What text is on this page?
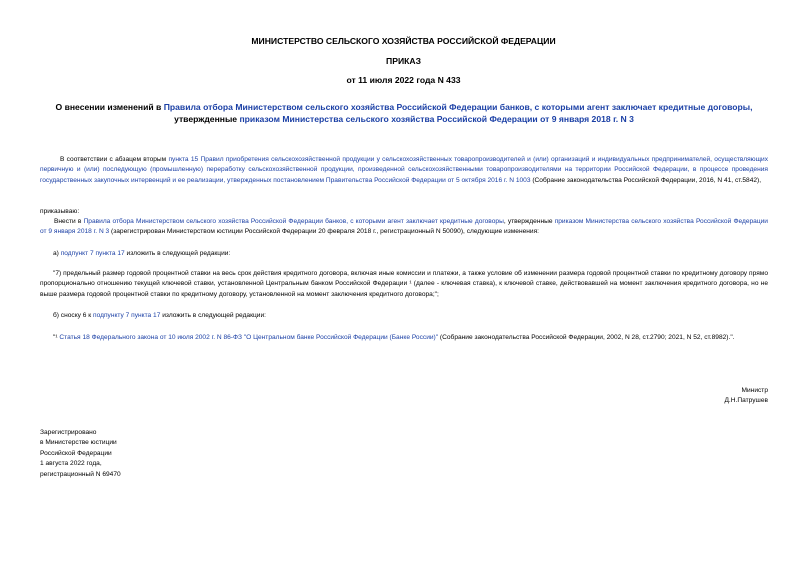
МИНИСТЕРСТВО СЕЛЬСКОГО ХОЗЯЙСТВА РОССИЙСКОЙ ФЕДЕРАЦИИ
ПРИКАЗ
от 11 июля 2022 года N 433
О внесении изменений в Правила отбора Министерством сельского хозяйства Российской Федерации банков, с которыми агент заключает кредитные договоры,
утвержденные приказом Министерства сельского хозяйства Российской Федерации от 9 января 2018 г. N 3
В соответствии с абзацем вторым пункта 15 Правил приобретения сельскохозяйственной продукции у сельскохозяйственных товаропроизводителей и (или) организаций и индивидуальных предпринимателей, осуществляющих первичную и (или) последующую (промышленную) переработку сельскохозяйственной продукции, произведенной сельскохозяйственными товаропроизводителями на территории Российской Федерации, в процессе проведения государственных закупочных интервенций и ее реализации, утвержденных постановлением Правительства Российской Федерации от 5 октября 2016 г. N 1003 (Собрание законодательства Российской Федерации, 2016, N 41, ст.5842),
приказываю:
Внести в Правила отбора Министерством сельского хозяйства Российской Федерации банков, с которыми агент заключает кредитные договоры, утвержденные приказом Министерства сельского хозяйства Российской Федерации от 9 января 2018 г. N 3 (зарегистрирован Министерством юстиции Российской Федерации 20 февраля 2018 г., регистрационный N 50090), следующие изменения:
а) подпункт 7 пункта 17 изложить в следующей редакции:
"7) предельный размер годовой процентной ставки на весь срок действия кредитного договора, включая иные комиссии и платежи, а также условие об изменении размера годовой процентной ставки по кредитному договору прямо пропорционально отношению текущей ключевой ставки, установленной Центральным банком Российской Федерации ¹ (далее - ключевая ставка), к ключевой ставке, действовавшей на момент заключения кредитного договора, но не выше размера годовой процентной ставки по кредитному договору, установленной на момент заключения кредитного договора;";
б) сноску 6 к подпункту 7 пункта 17 изложить в следующей редакции:
"¹ Статья 18 Федерального закона от 10 июля 2002 г. N 86-ФЗ "О Центральном банке Российской Федерации (Банке России)" (Собрание законодательства Российской Федерации, 2002, N 28, ст.2790; 2021, N 52, ст.8982).".
Министр
Д.Н.Патрушев
Зарегистрировано
в Министерстве юстиции
Российской Федерации
1 августа 2022 года,
регистрационный N 69470
